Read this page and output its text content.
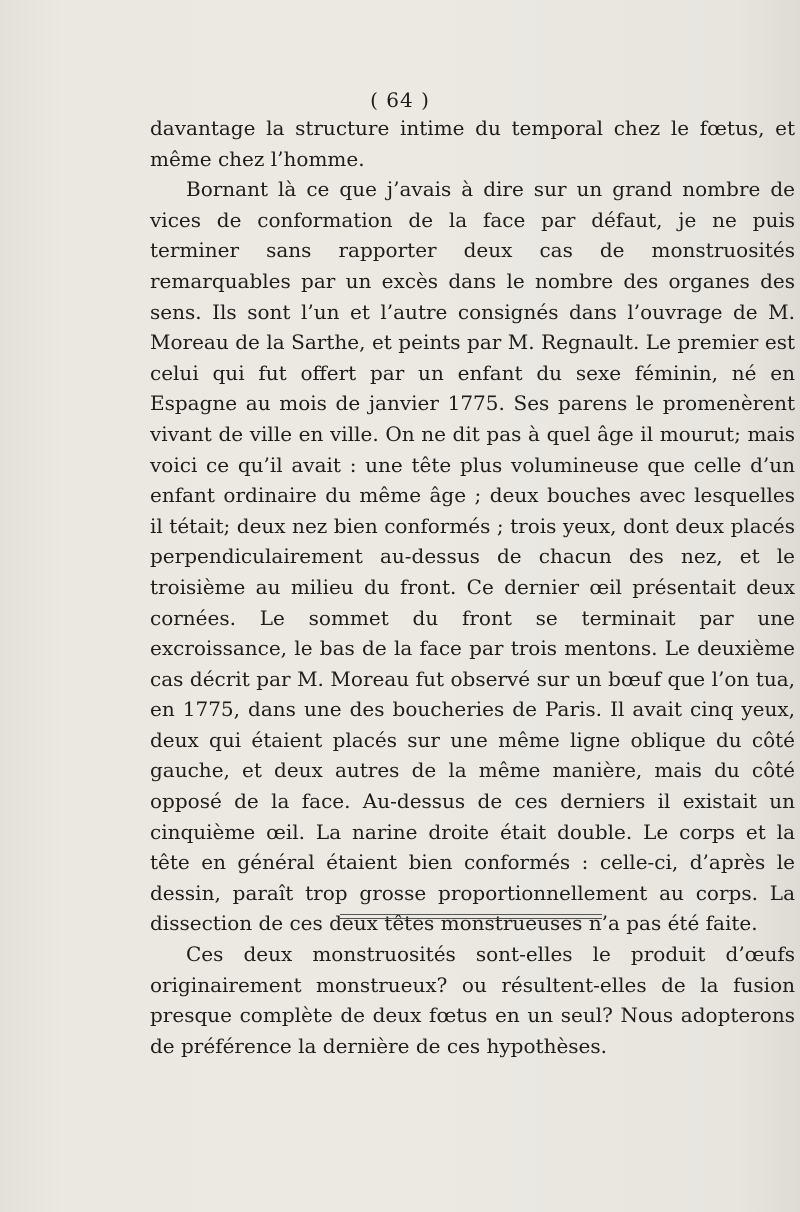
( 64 )

davantage la structure intime du temporal chez le fœtus, et même chez l’homme.

Bornant là ce que j’avais à dire sur un grand nombre de vices de conformation de la face par défaut, je ne puis terminer sans rapporter deux cas de monstruosités remarquables par un excès dans le nombre des organes des sens. Ils sont l’un et l’autre consignés dans l’ouvrage de M. Moreau de la Sarthe, et peints par M. Regnault. Le premier est celui qui fut offert par un enfant du sexe féminin, né en Espagne au mois de janvier 1775. Ses parens le promenèrent vivant de ville en ville. On ne dit pas à quel âge il mourut; mais voici ce qu’il avait : une tête plus volumineuse que celle d’un enfant ordinaire du même âge ; deux bouches avec lesquelles il tétait; deux nez bien conformés ; trois yeux, dont deux placés perpendiculairement au-dessus de chacun des nez, et le troisième au milieu du front. Ce dernier œil présentait deux cornées. Le sommet du front se terminait par une excroissance, le bas de la face par trois mentons. Le deuxième cas décrit par M. Moreau fut observé sur un bœuf que l’on tua, en 1775, dans une des boucheries de Paris. Il avait cinq yeux, deux qui étaient placés sur une même ligne oblique du côté gauche, et deux autres de la même manière, mais du côté opposé de la face. Au-dessus de ces derniers il existait un cinquième œil. La narine droite était double. Le corps et la tête en général étaient bien conformés : celle-ci, d’après le dessin, paraît trop grosse proportionnellement au corps. La dissection de ces deux têtes monstrueuses n’a pas été faite.

Ces deux monstruosités sont-elles le produit d’œufs originairement monstrueux? ou résultent-elles de la fusion presque complète de deux fœtus en un seul? Nous adopterons de préférence la dernière de ces hypothèses.
